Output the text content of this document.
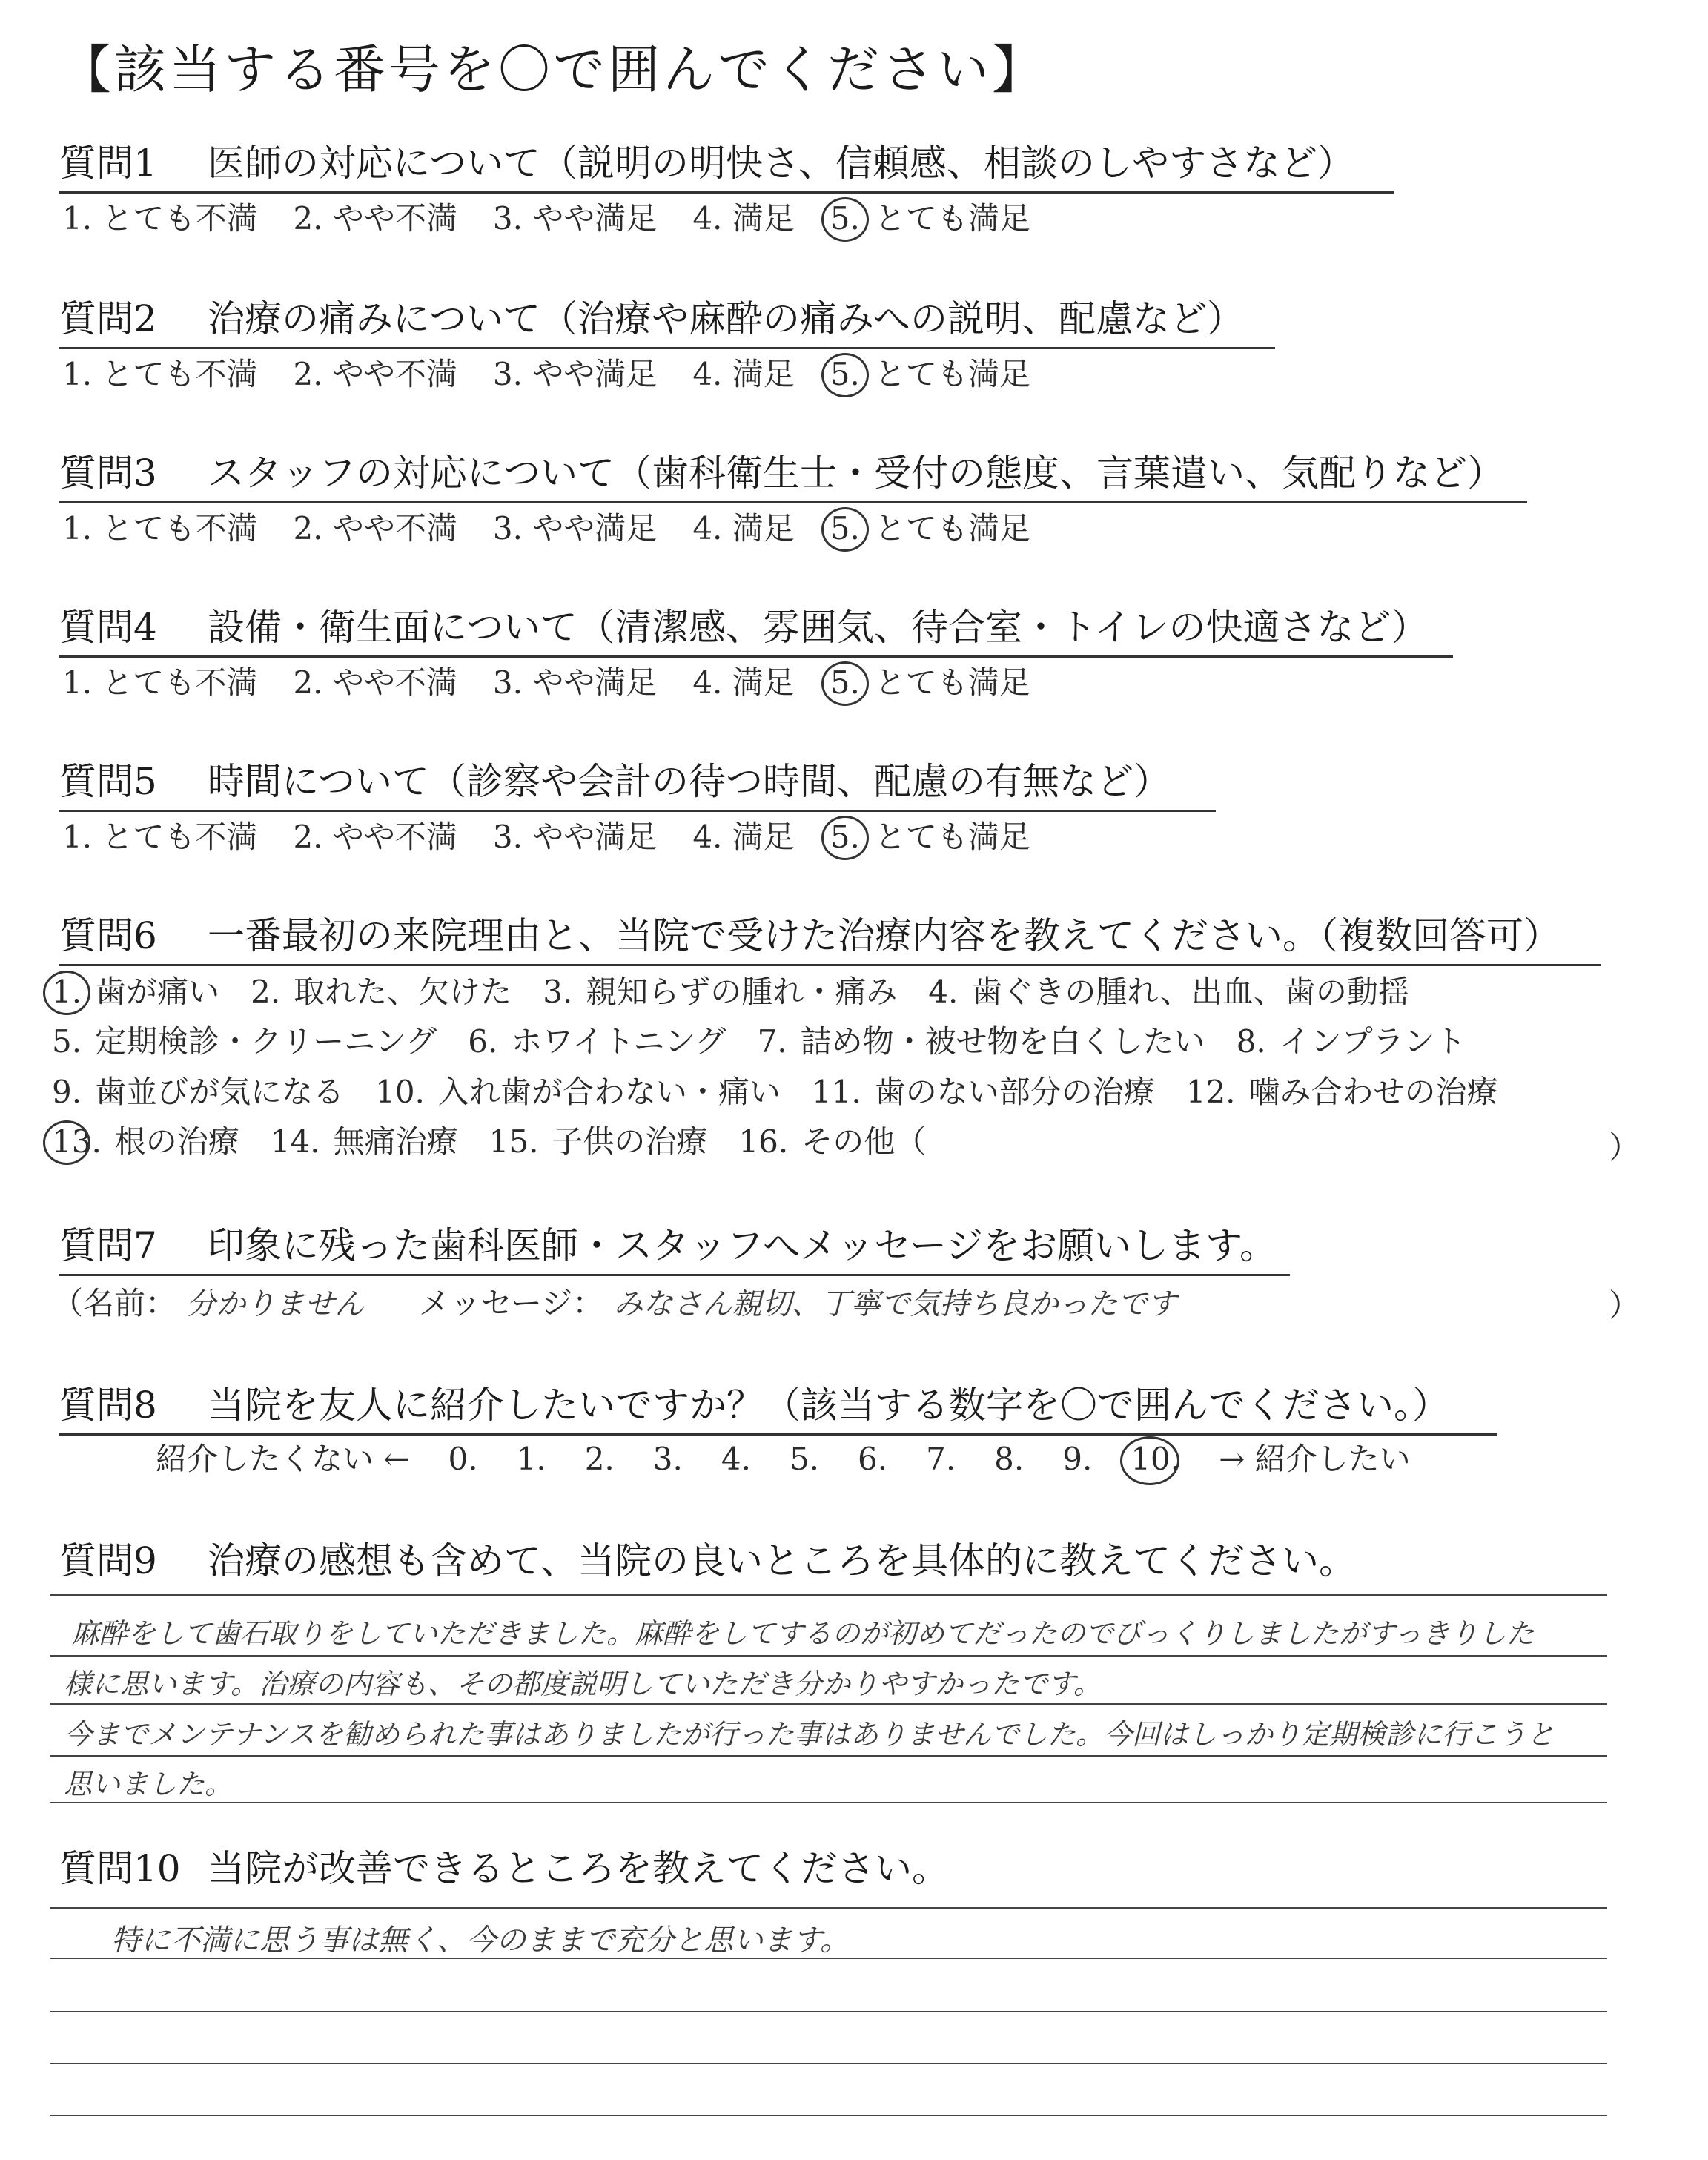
【該当する番号を〇で囲んでください】
質問1 医師の対応について（説明の明快さ、信頼感、相談のしやすさなど）
1. とても不満 2. やや不満 3. やや満足 4. 満足 5. とても満足
質問2 治療の痛みについて（治療や麻酔の痛みへの説明、配慮など）
1. とても不満 2. やや不満 3. やや満足 4. 満足 5. とても満足
質問3 スタッフの対応について（歯科衛生士・受付の態度、言葉遣い、気配りなど）
1. とても不満 2. やや不満 3. やや満足 4. 満足 5. とても満足
質問4 設備・衛生面について（清潔感、雰囲気、待合室・トイレの快適さなど）
1. とても不満 2. やや不満 3. やや満足 4. 満足 5. とても満足
質問5 時間について（診察や会計の待つ時間、配慮の有無など）
1. とても不満 2. やや不満 3. やや満足 4. 満足 5. とても満足
質問6 一番最初の来院理由と、当院で受けた治療内容を教えてください。（複数回答可）
1. 歯が痛い 2. 取れた、欠けた 3. 親知らずの腫れ・痛み 4. 歯ぐきの腫れ、出血、歯の動揺
5. 定期検診・クリーニング 6. ホワイトニング 7. 詰め物・被せ物を白くしたい 8. インプラント
9. 歯並びが気になる 10. 入れ歯が合わない・痛い 11. 歯のない部分の治療 12. 噛み合わせの治療
13. 根の治療 14. 無痛治療 15. 子供の治療 16. その他（	）
質問7 印象に残った歯科医師・スタッフへメッセージをお願いします。
（名前： 分かりません メッセージ： みなさん親切、丁寧で気持ち良かったです	）
質問8 当院を友人に紹介したいですか？（該当する数字を〇で囲んでください。）
紹介したくない ← 0. 1. 2. 3. 4. 5. 6. 7. 8. 9. 10. → 紹介したい
質問9 治療の感想も含めて、当院の良いところを具体的に教えてください。
麻酔をして歯石取りをしていただきました。麻酔をしてするのが初めてだったのでびっくりしましたがすっきりした
様に思います。治療の内容も、その都度説明していただき分かりやすかったです。
今までメンテナンスを勧められた事はありましたが行った事はありませんでした。今回はしっかり定期検診に行こうと
思いました。
質問10 当院が改善できるところを教えてください。
特に不満に思う事は無く、今のままで充分と思います。
